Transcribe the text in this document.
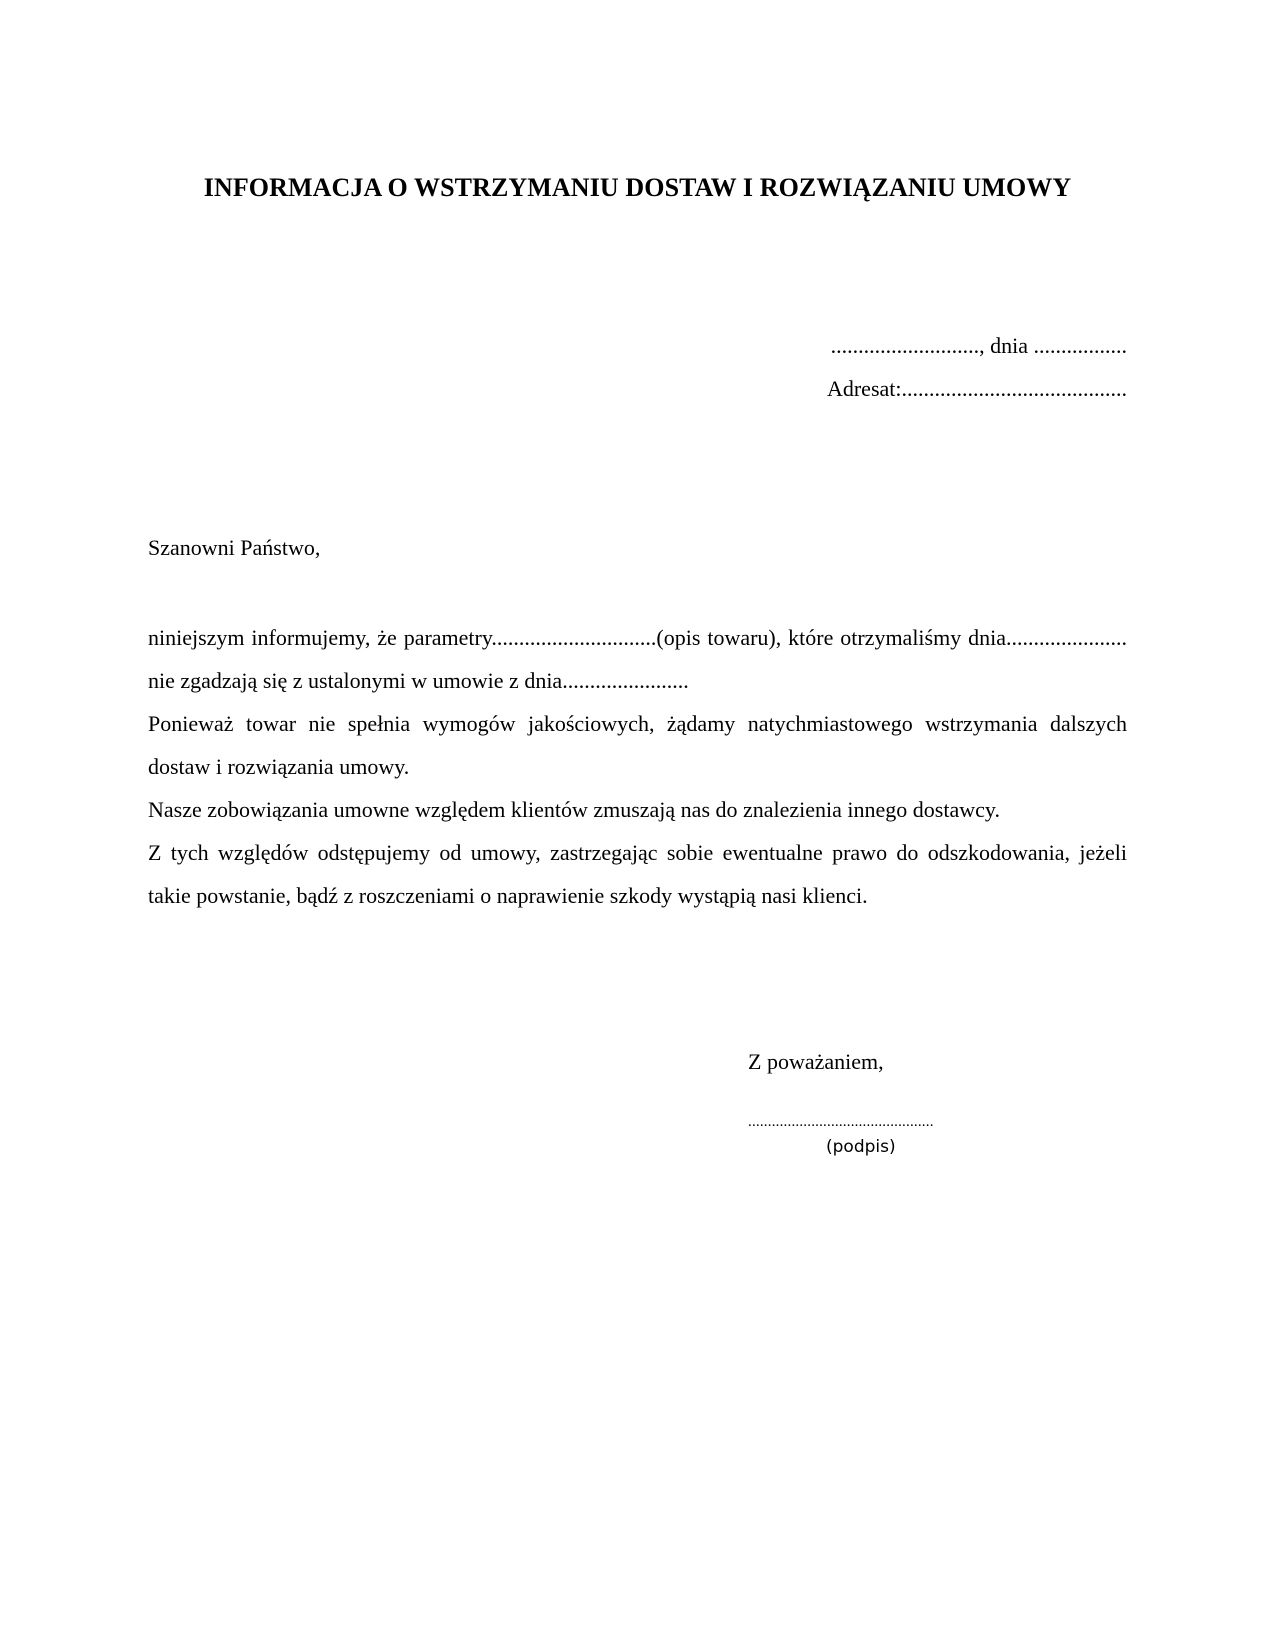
INFORMACJA O WSTRZYMANIU DOSTAW I ROZWIĄZANIU UMOWY
..........................., dnia .................
Adresat:.........................................
Szanowni Państwo,

niniejszym informujemy, że parametry..............................(opis towaru), które otrzymaliśmy dnia...................... nie zgadzają się z ustalonymi w umowie z dnia.......................

Ponieważ towar nie spełnia wymogów jakościowych, żądamy natychmiastowego wstrzymania dalszych dostaw i rozwiązania umowy.

Nasze zobowiązania umowne względem klientów zmuszają nas do znalezienia innego dostawcy.

Z tych względów odstępujemy od umowy, zastrzegając sobie ewentualne prawo do odszkodowania, jeżeli takie powstanie, bądź z roszczeniami o naprawienie szkody wystąpią nasi klienci.

Z poważaniem,
...............................................
(podpis)
